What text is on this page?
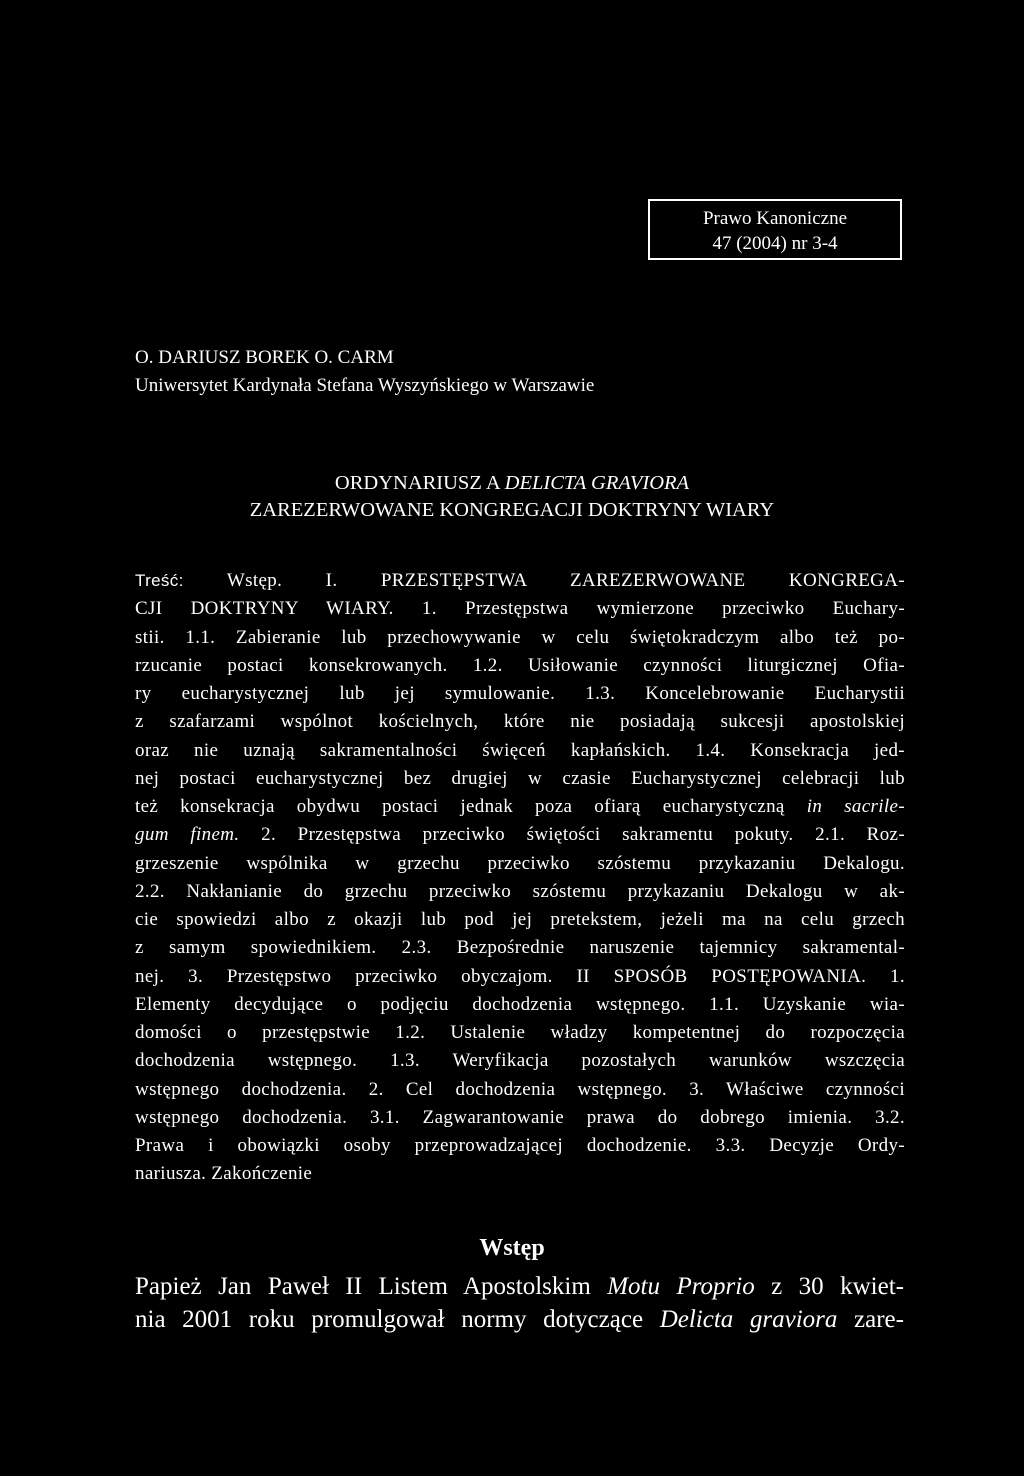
Prawo Kanoniczne
47 (2004) nr 3-4
O. DARIUSZ BOREK O. CARM
Uniwersytet Kardynała Stefana Wyszyńskiego w Warszawie
ORDYNARIUSZ A DELICTA GRAVIORA
ZAREZERWOWANE KONGREGACJI DOKTRYNY WIARY
Treść: Wstęp. I. PRZESTĘPSTWA ZAREZERWOWANE KONGREGA-
CJI DOKTRYNY WIARY. 1. Przestępstwa wymierzone przeciwko Euchary-
stii. 1.1. Zabieranie lub przechowywanie w celu świętokradczym albo też po-
rzucanie postaci konsekrowanych. 1.2. Usiłowanie czynności liturgicznej Ofia-
ry eucharystycznej lub jej symulowanie. 1.3. Koncelebrowanie Eucharystii
z szafarzami wspólnot kościelnych, które nie posiadają sukcesji apostolskiej
oraz nie uznają sakramentalności święceń kapłańskich. 1.4. Konsekracja jed-
nej postaci eucharystycznej bez drugiej w czasie Eucharystycznej celebracji lub
też konsekracja obydwu postaci jednak poza ofiarą eucharystyczną in sacrile-
gum finem. 2. Przestępstwa przeciwko świętości sakramentu pokuty. 2.1. Roz-
grzeszenie wspólnika w grzechu przeciwko szóstemu przykazaniu Dekalogu.
2.2. Nakłanianie do grzechu przeciwko szóstemu przykazaniu Dekalogu w ak-
cie spowiedzi albo z okazji lub pod jej pretekstem, jeżeli ma na celu grzech
z samym spowiednikiem. 2.3. Bezpośrednie naruszenie tajemnicy sakramental-
nej. 3. Przestępstwo przeciwko obyczajom. II SPOSÓB POSTĘPOWANIA. 1.
Elementy decydujące o podjęciu dochodzenia wstępnego. 1.1. Uzyskanie wia-
domości o przestępstwie 1.2. Ustalenie władzy kompetentnej do rozpoczęcia
dochodzenia wstępnego. 1.3. Weryfikacja pozostałych warunków wszczęcia
wstępnego dochodzenia. 2. Cel dochodzenia wstępnego. 3. Właściwe czynności
wstępnego dochodzenia. 3.1. Zagwarantowanie prawa do dobrego imienia. 3.2.
Prawa i obowiązki osoby przeprowadzającej dochodzenie. 3.3. Decyzje Ordy-
nariusza. Zakończenie
Wstęp
Papież Jan Paweł II Listem Apostolskim Motu Proprio z 30 kwiet-
nia 2001 roku promulgował normy dotyczące Delicta graviora zare-
